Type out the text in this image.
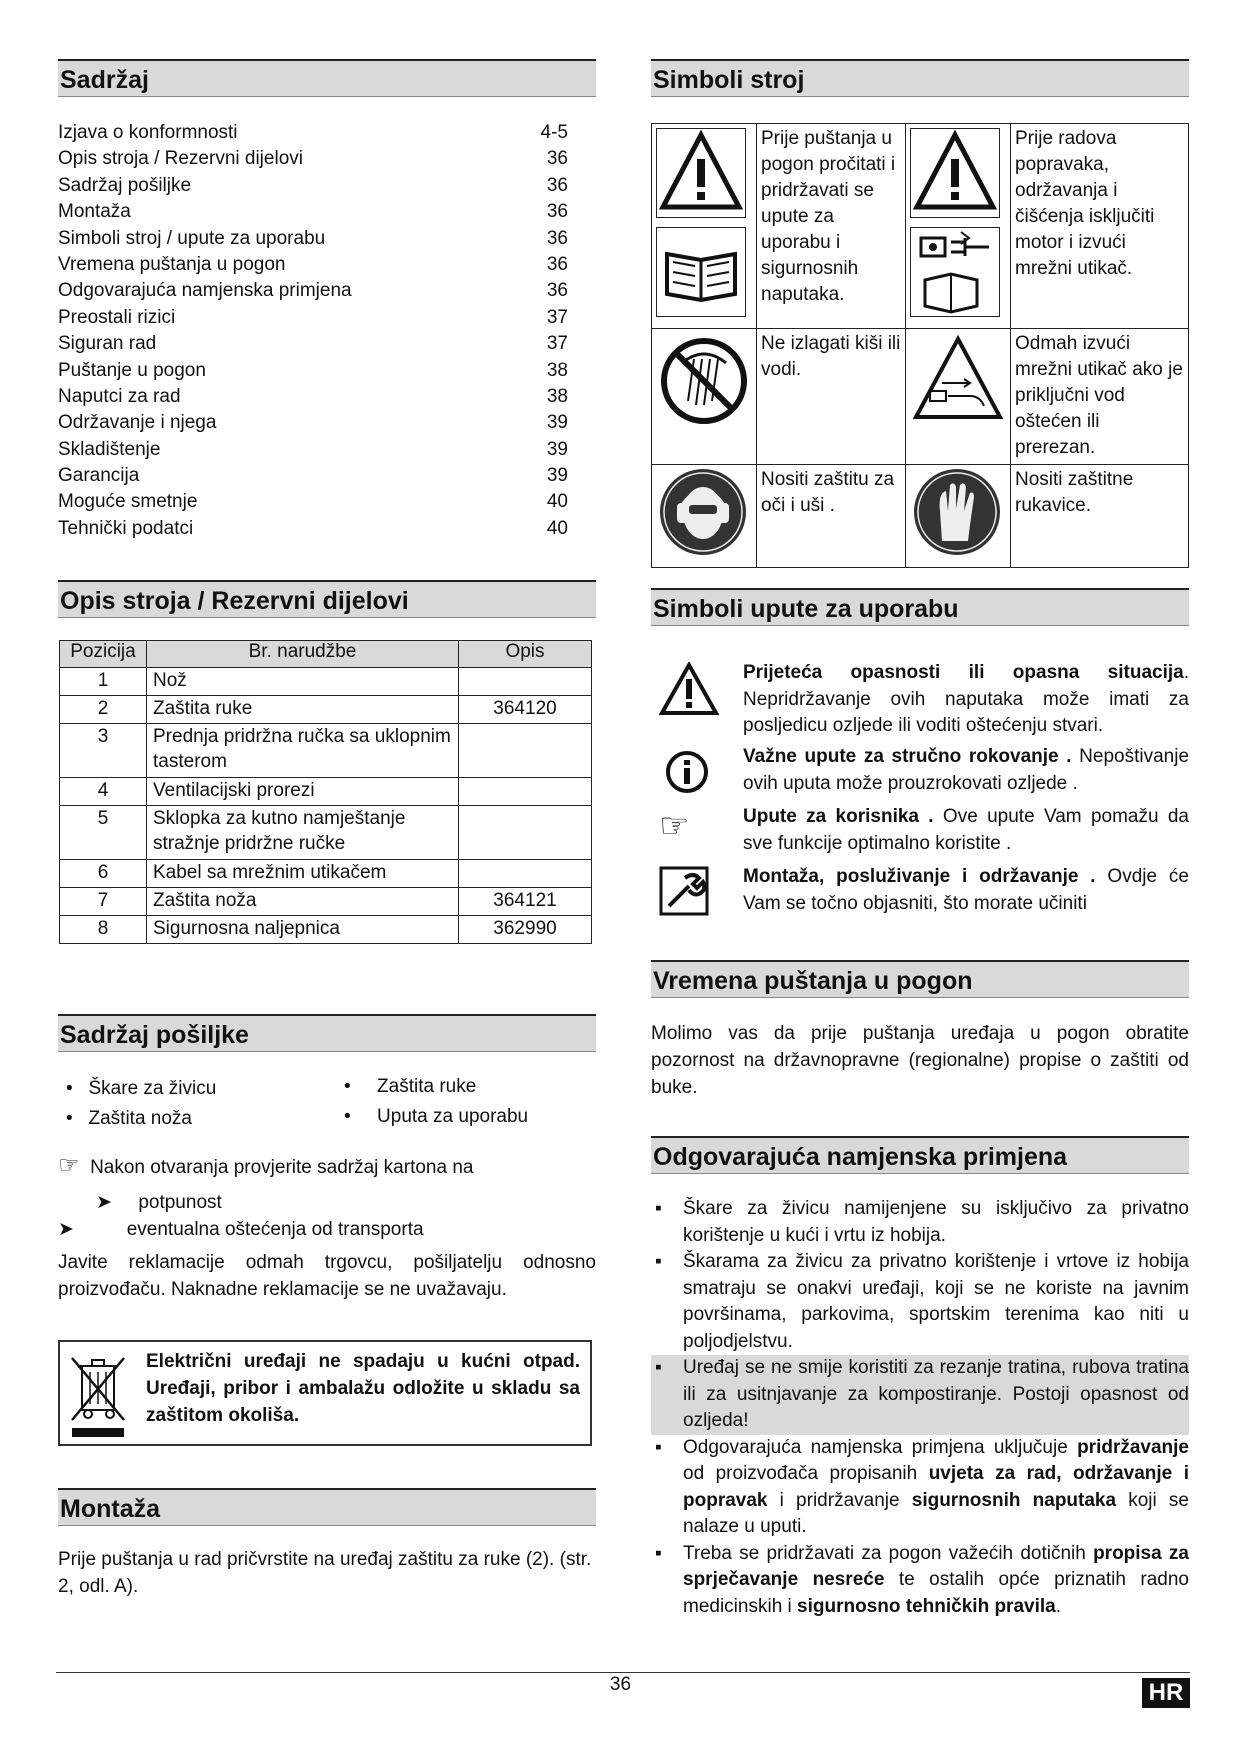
Sadržaj
Izjava o konformnosti	4-5
Opis stroja / Rezervni dijelovi	36
Sadržaj pošiljke	36
Montaža	36
Simboli stroj / upute za uporabu	36
Vremena puštanja u pogon	36
Odgovarajuća namjenska primjena	36
Preostali rizici	37
Siguran rad	37
Puštanje u pogon	38
Naputci za rad	38
Održavanje i njega	39
Skladištenje	39
Garancija	39
Moguće smetnje	40
Tehnički podatci	40
Opis stroja / Rezervni dijelovi
Pozicija	Br. narudžbe	Opis
1	Nož	
2	Zaštita ruke	364120
3	Prednja pridržna ručka sa uklopnim tasterom	
4	Ventilacijski prorezi	
5	Sklopka za kutno namještanje stražnje pridržne ručke	
6	Kabel sa mrežnim utikačem	
7	Zaštita noža	364121
8	Sigurnosna naljepnica	362990
Sadržaj pošiljke
•   Škare za živicu
•   Zaštita noža
•     Zaštita ruke
•     Uputa za uporabu
☞ Nakon otvaranja provjerite sadržaj kartona na
➤     potpunost
➤          eventualna oštećenja od transporta
Javite reklamacije odmah trgovcu, pošiljatelju odnosno proizvođaču. Naknadne reklamacije se ne uvažavaju.
Električni uređaji ne spadaju u kućni otpad. Uređaji, pribor i ambalažu odložite u skladu sa zaštitom okoliša.
Montaža
Prije puštanja u rad pričvrstite na uređaj zaštitu za ruke (2). (str. 2, odl. A).
Simboli stroj
	Prije puštanja u pogon pročitati i pridržavati se upute za uporabu i sigurnosnih naputaka.		Prije radova popravaka, održavanja i čišćenja isključiti motor i izvući mrežni utikač.
	Ne izlagati kiši ili vodi.		Odmah izvući mrežni utikač ako je priključni vod oštećen ili prerezan.
	Nositi zaštitu za oči i uši .		Nositi zaštitne rukavice.
Simboli upute za uporabu
Prijeteća opasnosti ili opasna situacija. Nepridržavanje ovih naputaka može imati za posljedicu ozljede ili voditi oštećenju stvari.
Važne upute za stručno rokovanje . Nepoštivanje ovih uputa može prouzrokovati ozljede .
☞	Upute za korisnika . Ove upute Vam pomažu da sve funkcije optimalno koristite .
Montaža, posluživanje i održavanje . Ovdje će Vam se točno objasniti, što morate učiniti
Vremena puštanja u pogon
Molimo vas da prije puštanja uređaja u pogon obratite pozornost na državnopravne (regionalne) propise o zaštiti od buke.
Odgovarajuća namjenska primjena
▪ Škare za živicu namijenjene su isključivo za privatno korištenje u kući i vrtu iz hobija.
▪ Škarama za živicu za privatno korištenje i vrtove iz hobija smatraju se onakvi uređaji, koji se ne koriste na javnim površinama, parkovima, sportskim terenima kao niti u poljodjelstvu.
▪ Uređaj se ne smije koristiti za rezanje tratina, rubova tratina ili za usitnjavanje za kompostiranje. Postoji opasnost od ozljeda!
▪ Odgovarajuća namjenska primjena uključuje pridržavanje od proizvođača propisanih uvjeta za rad, održavanje i popravak i pridržavanje sigurnosnih naputaka koji se nalaze u uputi.
▪ Treba se pridržavati za pogon važećih dotičnih propisa za sprječavanje nesreće te ostalih opće priznatih radno medicinskih i sigurnosno tehničkih pravila.
36	HR
